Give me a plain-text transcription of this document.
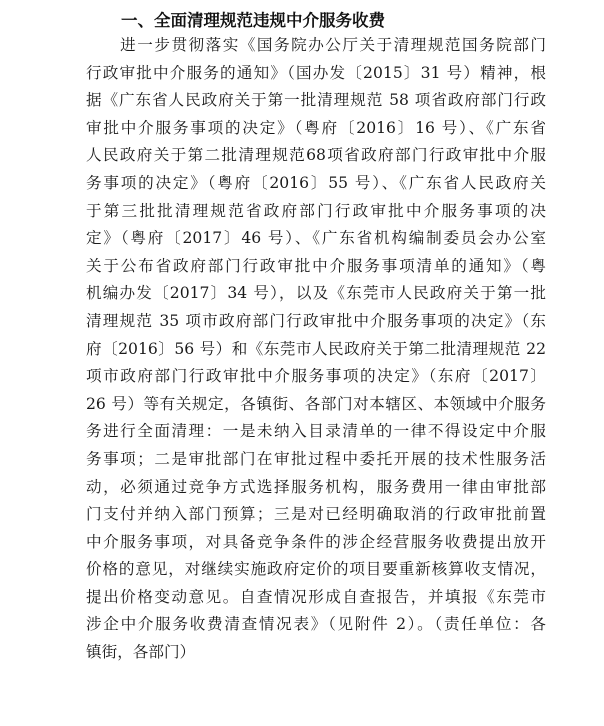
一、全面清理规范违规中介服务收费
　　进一步贯彻落实《国务院办公厅关于清理规范国务院部门
行政审批中介服务的通知》（国办发〔2015〕31 号）精神，根
据《广东省人民政府关于第一批清理规范 58 项省政府部门行政
审批中介服务事项的决定》（粤府〔2016〕16 号）、《广东省
人民政府关于第二批清理规范68项省政府部门行政审批中介服
务事项的决定》（粤府〔2016〕55 号）、《广东省人民政府关
于第三批批清理规范省政府部门行政审批中介服务事项的决
定》（粤府〔2017〕46 号）、《广东省机构编制委员会办公室
关于公布省政府部门行政审批中介服务事项清单的通知》（粤
机编办发〔2017〕34 号），以及《东莞市人民政府关于第一批
清理规范 35 项市政府部门行政审批中介服务事项的决定》（东
府〔2016〕56 号）和《东莞市人民政府关于第二批清理规范 22
项市政府部门行政审批中介服务事项的决定》（东府〔2017〕
26 号）等有关规定，各镇街、各部门对本辖区、本领域中介服务
务进行全面清理：一是未纳入目录清单的一律不得设定中介服
务事项；二是审批部门在审批过程中委托开展的技术性服务活
动，必须通过竞争方式选择服务机构，服务费用一律由审批部
门支付并纳入部门预算；三是对已经明确取消的行政审批前置
中介服务事项，对具备竞争条件的涉企经营服务收费提出放开
价格的意见，对继续实施政府定价的项目要重新核算收支情况，
提出价格变动意见。自查情况形成自查报告，并填报《东莞市
涉企中介服务收费清查情况表》（见附件 2）。（责任单位：各
镇街，各部门）
